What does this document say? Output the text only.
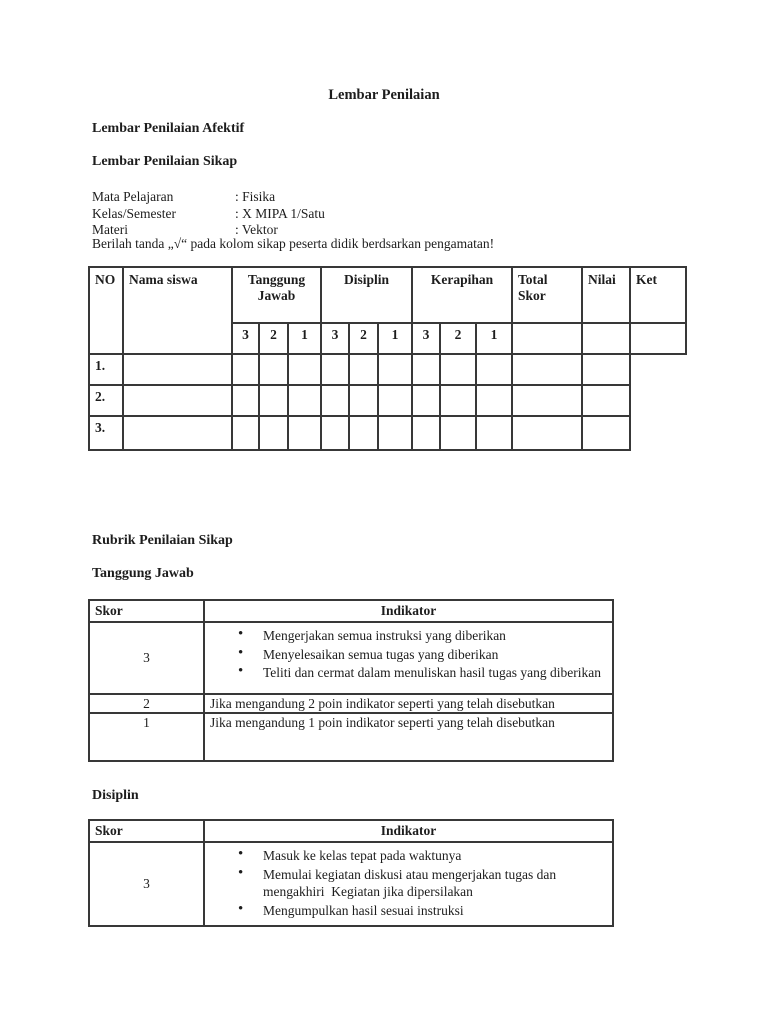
Lembar Penilaian
Lembar Penilaian Afektif
Lembar Penilaian Sikap
Mata Pelajaran	: Fisika
Kelas/Semester	: X MIPA 1/Satu
Materi	: Vektor
Berilah tanda „√“ pada kolom sikap peserta didik berdsarkan pengamatan!
NO	Nama siswa	Tanggung Jawab			Disiplin			Kerapihan			Total Skor	Nilai	Ket
		3	2	1	3	2	1	3	2	1			
1.													
2.													
3.													
Rubrik Penilaian Sikap
Tanggung Jawab
Skor	Indikator
3	
• Mengerjakan semua instruksi yang diberikan
• Menyelesaikan semua tugas yang diberikan
• Teliti dan cermat dalam menuliskan hasil tugas yang diberikan

2	Jika mengandung 2 poin indikator seperti yang telah disebutkan
1	Jika mengandung 1 poin indikator seperti yang telah disebutkan
Disiplin
Skor	Indikator
3	
• Masuk ke kelas tepat pada waktunya
• Memulai kegiatan diskusi atau mengerjakan tugas dan mengakhiri  Kegiatan jika dipersilakan
• Mengumpulkan hasil sesuai instruksi
